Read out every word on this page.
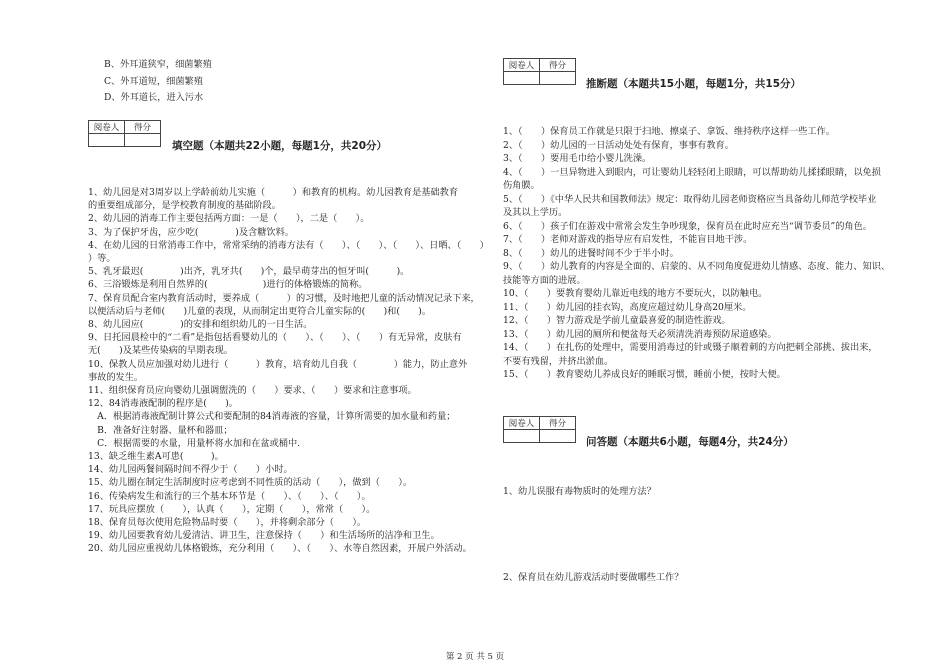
B、外耳道狭窄，细菌繁殖
C、外耳道短，细菌繁殖
D、外耳道长，进入污水
阅卷人	得分

填空题（本题共22小题，每题1分，共20分）
1、幼儿园是对3周岁以上学龄前幼儿实施（　　　）和教育的机构。幼儿园教育是基础教育
的重要组成部分，是学校教育制度的基础阶段。
2、幼儿园的消毒工作主要包括两方面：一是（　　），二是（　　）。
3、为了保护牙齿，应少吃(　　　　)及含糖饮料。
4、在幼儿园的日常消毒工作中，常常采纳的消毒方法有（　　）、（　　）、（　　）、日晒、（　　）
）等。
5、乳牙最迟(　　　　)出齐，乳牙共(　　)个，最早萌芽出的恒牙叫(　　　)。
6、三浴锻炼是利用自然界的(　　　　　　)进行的体格锻炼的简称。
7、保育员配合室内教育活动时，要养成（　　　）的习惯，及时地把儿童的活动情况记录下来，
以便活动后与老师(　　)儿童的表现，从而制定出更符合儿童实际的(　　)和(　　)。
8、幼儿园应(　　　　)的安排和组织幼儿的一日生活。
9、日托园晨检中的“二看”是指包括看婴幼儿的（　　）、（　　）、（　　）有无异常，皮肤有
无(　　)及某些传染病的早期表现。
10、保教人员应加强对幼儿进行（　　　）教育，培育幼儿自我（　　　　）能力，防止意外
事故的发生。
11、组织保育员应向婴幼儿强调盥洗的（　　）要求、（　　）要求和注意事项。
12、84消毒液配制的程序是(　　)。
　A．根据消毒液配制计算公式和要配制的84消毒液的容量，计算所需要的加水量和药量；
　B．准备好注射器、量杯和器皿；
　C．根据需要的水量，用量杯将水加和在盆或桶中.
13、缺乏维生素A可患(　　　)。
14、幼儿园两餐间隔时间不得少于（　　）小时。
15、幼儿圈在制定生活制度时应考虑到不同性质的活动（　　），做到（　　）。
16、传染病发生和流行的三个基本环节是（　　）、（　　）、（　　）。
17、玩具应摆放（　　），认真（　　），定期（　　），常常（　　）。
18、保育员每次使用危险物品时要（　　），并将剩余部分（　　）。
19、幼儿园要教育幼儿爱清洁、讲卫生，注意保持（　　）和生活场所的洁净和卫生。
20、幼儿园应重视幼儿体格锻炼，充分利用（　　）、（　　）、水等自然因素，开展户外活动。
阅卷人	得分

推断题（本题共15小题，每题1分，共15分）
1、（　　）保育员工作就是只限于扫地、擦桌子、拿饭、维持秩序这样一些工作。
2、（　　）幼儿园的一日活动处处有保育，事事有教育。
3、（　　）要用毛巾给小婴儿洗澡。
4、（　　）一旦异物进入到眼内，可让婴幼儿轻轻闭上眼睛，可以帮助幼儿揉揉眼睛，以免损
伤角膜。
5、（　　）《中华人民共和国教师法》规定：取得幼儿园老师资格应当具备幼儿师范学校毕业
及其以上学历。
6、（　　）孩子们在游戏中常常会发生争吵现象，保育员在此时应充当“调节委员”的角色。
7、（　　）老师对游戏的指导应有启发性，不能盲目地干涉。
8、（　　）幼儿的进餐时间不少于半小时。
9、（　　）幼儿教育的内容是全面的、启蒙的、从不同角度促进幼儿情感、态度、能力、知识、
技能等方面的进展。
10、（　　）要教育婴幼儿靠近电线的地方不要玩火，以防触电。
11、（　　）幼儿园的挂衣钩，高度应超过幼儿身高20厘米。
12、（　　）智力游戏是学前儿童最喜爱的制造性游戏。
13、（　　）幼儿园的厕所和便盆每天必须清洗消毒预防尿道感染。
14、（　　）在扎伤的处理中，需要用消毒过的针或镊子顺着刺的方向把刺全部挑、拔出来，
不要有残留，并挤出淤血。
15、（　　）教育婴幼儿养成良好的睡眠习惯，睡前小便，按时大便。
阅卷人	得分

问答题（本题共6小题，每题4分，共24分）
1、幼儿误服有毒物质时的处理方法？
2、保育员在幼儿游戏活动时要做哪些工作？
第 2 页 共 5 页
